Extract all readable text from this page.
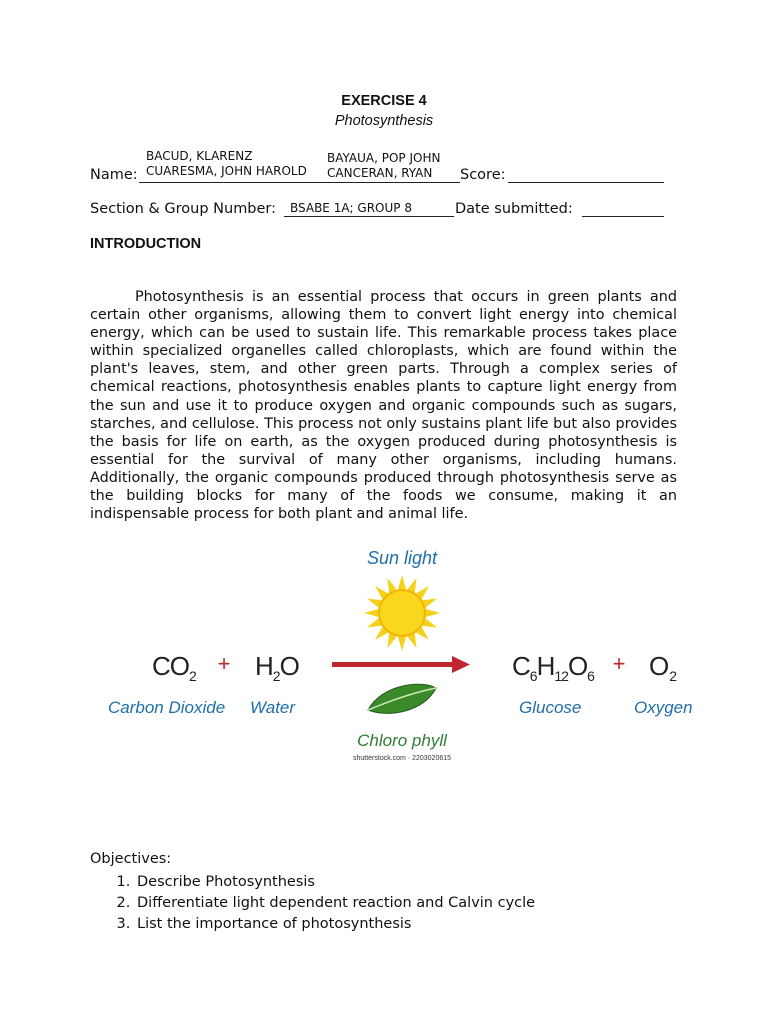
EXERCISE 4
Photosynthesis
BACUD, KLARENZ
CUARESMA, JOHN HAROLD
BAYAUA, POP JOHN
CANCERAN, RYAN
Name:	Score:
Section & Group Number: BSABE 1A; GROUP 8	Date submitted:
INTRODUCTION
Photosynthesis is an essential process that occurs in green plants and certain other organisms, allowing them to convert light energy into chemical energy, which can be used to sustain life. This remarkable process takes place within specialized organelles called chloroplasts, which are found within the plant's leaves, stem, and other green parts. Through a complex series of chemical reactions, photosynthesis enables plants to capture light energy from the sun and use it to produce oxygen and organic compounds such as sugars, starches, and cellulose. This process not only sustains plant life but also provides the basis for life on earth, as the oxygen produced during photosynthesis is essential for the survival of many other organisms, including humans. Additionally, the organic compounds produced through photosynthesis serve as the building blocks for many of the foods we consume, making it an indispensable process for both plant and animal life.
Sun light
$CO_2 + H_2O$	$C_6H_{12}O_6 + O_2$
Carbon Dioxide Water	Glucose	Oxygen
Chloro phyll
shutterstock.com · 2203020615
Objectives:
1. Describe Photosynthesis
2. Differentiate light dependent reaction and Calvin cycle
3. List the importance of photosynthesis
